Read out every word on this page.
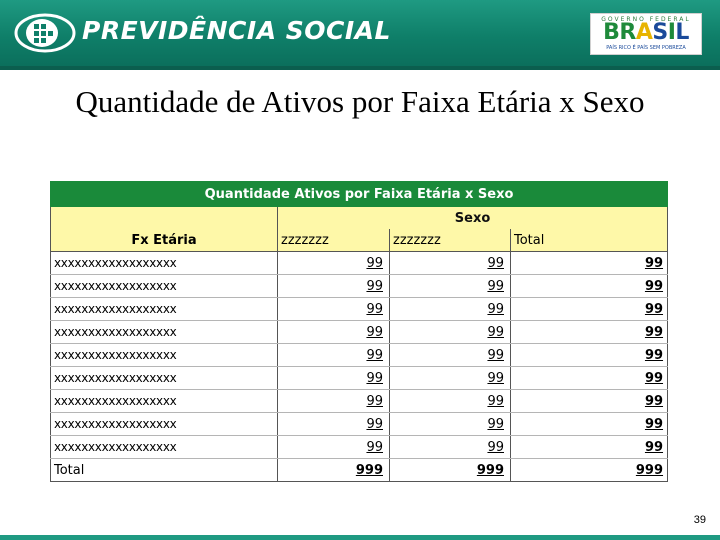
PREVIDÊNCIA SOCIAL	GOVERNO FEDERAL
BRASIL
PAÍS RICO É PAÍS SEM POBREZA
Quantidade de Ativos por Faixa Etária x Sexo
Quantidade Ativos por Faixa Etária x Sexo			
	Sexo		
Fx Etária	zzzzzzz	zzzzzzz	Total
xxxxxxxxxxxxxxxxxx	99	99	99
xxxxxxxxxxxxxxxxxx	99	99	99
xxxxxxxxxxxxxxxxxx	99	99	99
xxxxxxxxxxxxxxxxxx	99	99	99
xxxxxxxxxxxxxxxxxx	99	99	99
xxxxxxxxxxxxxxxxxx	99	99	99
xxxxxxxxxxxxxxxxxx	99	99	99
xxxxxxxxxxxxxxxxxx	99	99	99
xxxxxxxxxxxxxxxxxx	99	99	99
Total	999	999	999
39
